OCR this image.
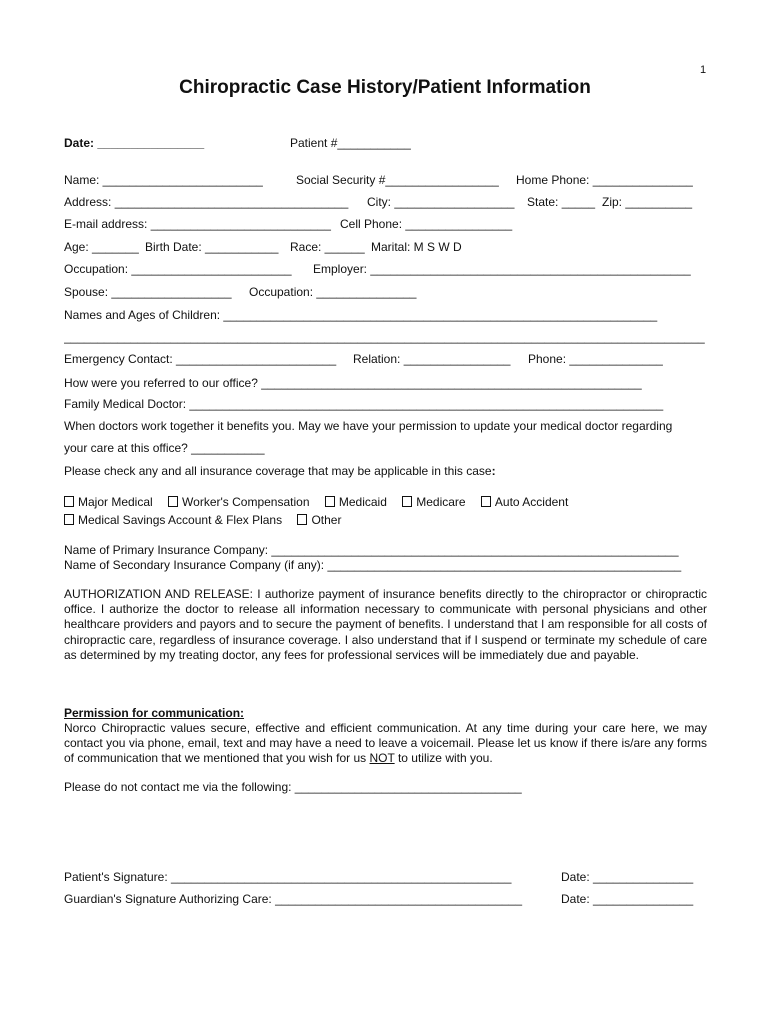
1
Chiropractic Case History/Patient Information
Date: ________________	Patient #___________
Name: ________________________	Social Security #_________________ Home Phone: _______________
Address: ___________________________________ City: __________________ State: _____ Zip: __________
E-mail address: ___________________________ Cell Phone: ________________
Age: _______ Birth Date: ___________ Race: ______ Marital: M S W D
Occupation: ________________________ Employer: ________________________________________________
Spouse: __________________ Occupation: _______________
Names and Ages of Children: _________________________________________________________________
________________________________________________________________________________________________
Emergency Contact: ________________________ Relation: ________________ Phone: ______________
How were you referred to our office? _________________________________________________________
Family Medical Doctor: _______________________________________________________________________
When doctors work together it benefits you. May we have your permission to update your medical doctor regarding
your care at this office? ___________
Please check any and all insurance coverage that may be applicable in this case:
Major Medical Worker's Compensation Medicaid Medicare Auto Accident
Medical Savings Account & Flex Plans Other
Name of Primary Insurance Company: _____________________________________________________________
Name of Secondary Insurance Company (if any): _____________________________________________________
AUTHORIZATION AND RELEASE: I authorize payment of insurance benefits directly to the chiropractor or chiropractic office. I authorize the doctor to release all information necessary to communicate with personal physicians and other healthcare providers and payors and to secure the payment of benefits. I understand that I am responsible for all costs of chiropractic care, regardless of insurance coverage. I also understand that if I suspend or terminate my schedule of care as determined by my treating doctor, any fees for professional services will be immediately due and payable.
Permission for communication:
Norco Chiropractic values secure, effective and efficient communication. At any time during your care here, we may contact you via phone, email, text and may have a need to leave a voicemail. Please let us know if there is/are any forms of communication that we mentioned that you wish for us NOT to utilize with you.
Please do not contact me via the following: __________________________________
Patient's Signature: ___________________________________________________	Date: _______________
Guardian's Signature Authorizing Care: _____________________________________	Date: _______________
